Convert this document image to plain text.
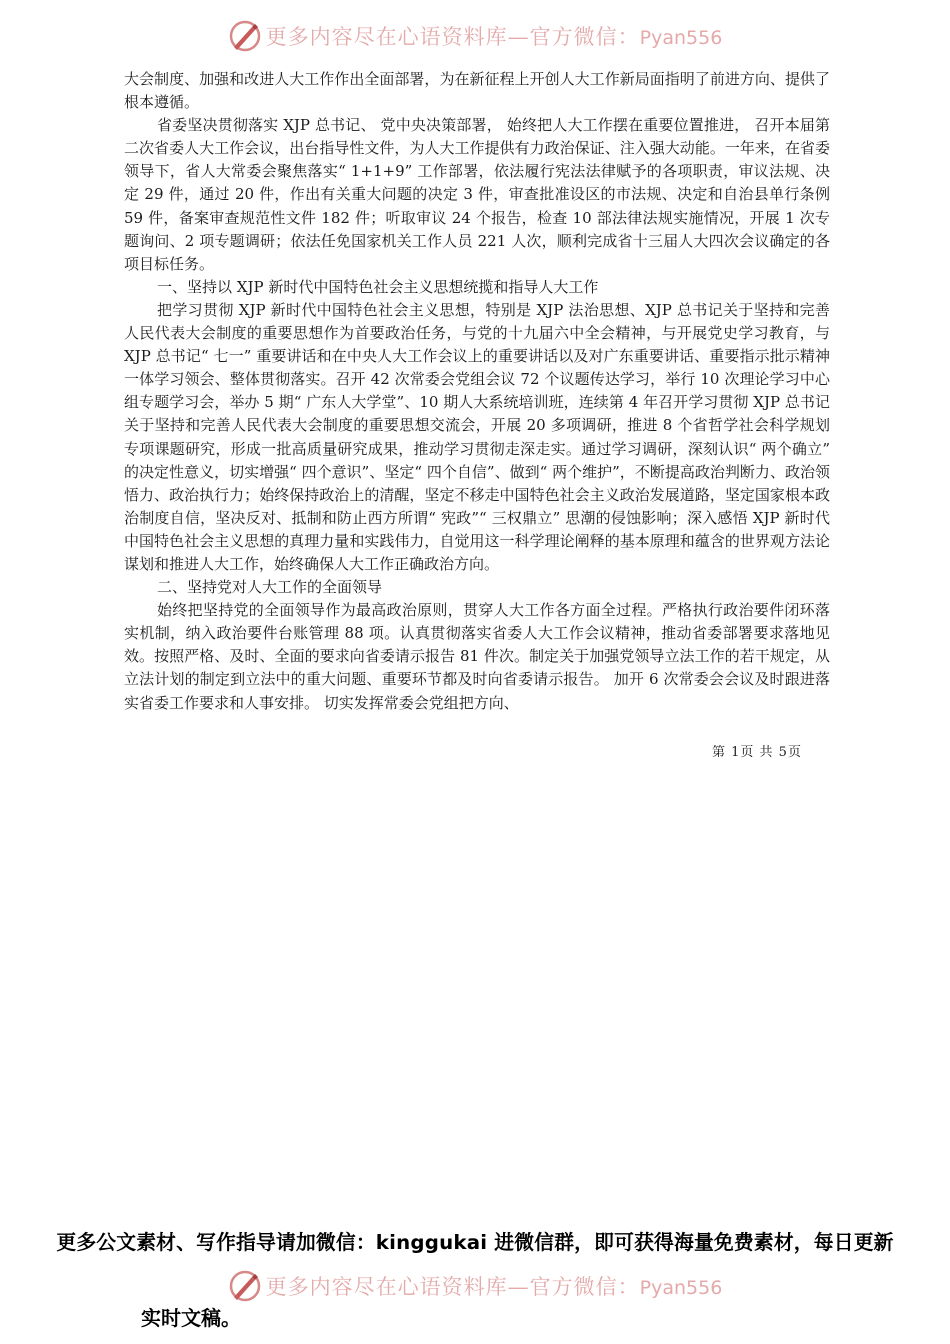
更多内容尽在心语资料库—官方微信：Pyan556

大会制度、加强和改进人大工作作出全面部署，为在新征程上开创人大工作新局面指明了前进方向、提供了根本遵循。

省委坚决贯彻落实 XJP 总书记、 党中央决策部署， 始终把人大工作摆在重要位置推进， 召开本届第二次省委人大工作会议，出台指导性文件，为人大工作提供有力政治保证、注入强大动能。一年来，在省委领导下，省人大常委会聚焦落实“ 1+1+9” 工作部署，依法履行宪法法律赋予的各项职责，审议法规、决定 29 件，通过 20 件，作出有关重大问题的决定 3 件，审查批准设区的市法规、决定和自治县单行条例 59 件，备案审查规范性文件 182 件；听取审议 24 个报告，检查 10 部法律法规实施情况，开展 1 次专题询问、2 项专题调研；依法任免国家机关工作人员 221 人次，顺利完成省十三届人大四次会议确定的各项目标任务。

一、坚持以 XJP 新时代中国特色社会主义思想统揽和指导人大工作

把学习贯彻 XJP 新时代中国特色社会主义思想，特别是 XJP 法治思想、XJP 总书记关于坚持和完善人民代表大会制度的重要思想作为首要政治任务，与党的十九届六中全会精神，与开展党史学习教育，与 XJP 总书记“ 七一” 重要讲话和在中央人大工作会议上的重要讲话以及对广东重要讲话、重要指示批示精神一体学习领会、整体贯彻落实。召开 42 次常委会党组会议 72 个议题传达学习，举行 10 次理论学习中心组专题学习会，举办 5 期“ 广东人大学堂”、10 期人大系统培训班，连续第 4 年召开学习贯彻 XJP 总书记关于坚持和完善人民代表大会制度的重要思想交流会，开展 20 多项调研，推进 8 个省哲学社会科学规划专项课题研究，形成一批高质量研究成果，推动学习贯彻走深走实。通过学习调研，深刻认识“ 两个确立” 的决定性意义，切实增强“ 四个意识”、坚定“ 四个自信”、做到“ 两个维护”，不断提高政治判断力、政治领悟力、政治执行力；始终保持政治上的清醒，坚定不移走中国特色社会主义政治发展道路，坚定国家根本政治制度自信，坚决反对、抵制和防止西方所谓“ 宪政”“ 三权鼎立” 思潮的侵蚀影响；深入感悟 XJP 新时代中国特色社会主义思想的真理力量和实践伟力，自觉用这一科学理论阐释的基本原理和蕴含的世界观方法论谋划和推进人大工作，始终确保人大工作正确政治方向。

二、坚持党对人大工作的全面领导

始终把坚持党的全面领导作为最高政治原则，贯穿人大工作各方面全过程。严格执行政治要件闭环落实机制，纳入政治要件台账管理 88 项。认真贯彻落实省委人大工作会议精神，推动省委部署要求落地见效。按照严格、及时、全面的要求向省委请示报告 81 件次。制定关于加强党领导立法工作的若干规定，从立法计划的制定到立法中的重大问题、重要环节都及时向省委请示报告。 加开 6 次常委会会议及时跟进落实省委工作要求和人事安排。 切实发挥常委会党组把方向、

第 1页 共 5页
更多公文素材、写作指导请加微信：kinggukai 进微信群，即可获得海量免费素材，每日更新
更多内容尽在心语资料库—官方微信：Pyan556
实时文稿。
